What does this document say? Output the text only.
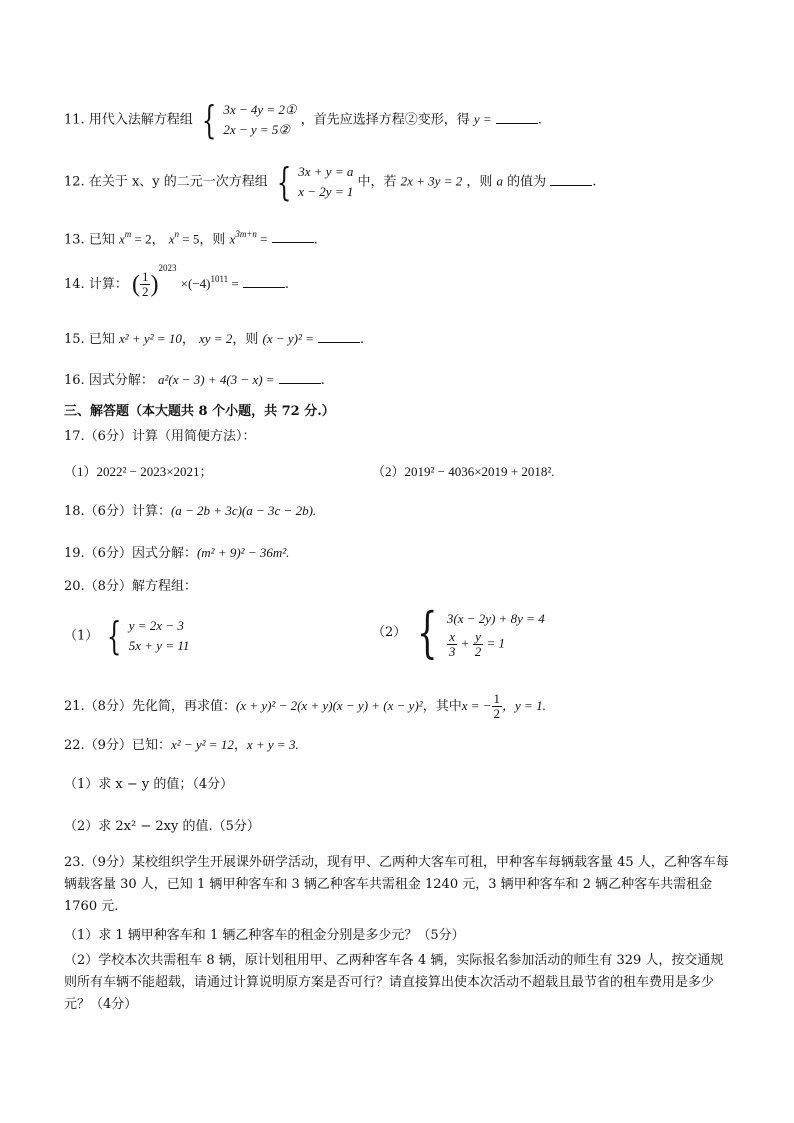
11. 用代入法解方程组 { 3x − 4y = 2①
2x − y = 5②
，首先应选择方程②变形，得 y =	.
12. 在关于 x、y 的二元一次方程组 { 3x + y = a
x − 2y = 1
中，若 2x + 3y = 2 ，则 a 的值为	.
13. 已知 $x^m = 2$， $x^n = 5$，则 $x^{3m+n}$ =	.
14. 计算： ( $\frac{1}{2} )^{2023} \times(-4)^{1011}$ =	.
15. 已知 x² + y² = 10， xy = 2，则 (x − y)² =	.
16. 因式分解： a²(x − 3) + 4(3 − x) =	.
三、解答题（本大题共 8 个小题，共 72 分.）
17.（6分）计算（用简便方法）：
（1）2022² − 2023×2021；	（2）2019² − 4036×2019 + 2018².
18.（6分）计算：(a − 2b + 3c)(a − 3c − 2b).
19.（6分）因式分解：(m² + 9)² − 36m².
20.（8分）解方程组：
（1） { y = 2x − 3
5x + y = 11
（2） { 3(x − 2y) + 8y = 4
$\frac{x}{3} + \frac{y}{2} = 1$
21.（8分）先化简，再求值：(x + y)² − 2(x + y)(x − y) + (x − y)²，其中x = − $\frac{1}{2}$ ，y = 1.
22.（9分）已知：x² − y² = 12，x + y = 3.
（1）求 x − y 的值；（4分）
（2）求 2x² − 2xy 的值.（5分）
23.（9分）某校组织学生开展课外研学活动，现有甲、乙两种大客车可租，甲种客车每辆载客量 45 人，乙种客车每辆载客量 30 人，已知 1 辆甲种客车和 3 辆乙种客车共需租金 1240 元，3 辆甲种客车和 2 辆乙种客车共需租金 1760 元.
（1）求 1 辆甲种客车和 1 辆乙种客车的租金分别是多少元？（5分）
（2）学校本次共需租车 8 辆，原计划租用甲、乙两种客车各 4 辆，实际报名参加活动的师生有 329 人，按交通规则所有车辆不能超载，请通过计算说明原方案是否可行？请直接算出使本次活动不超载且最节省的租车费用是多少元？（4分）
